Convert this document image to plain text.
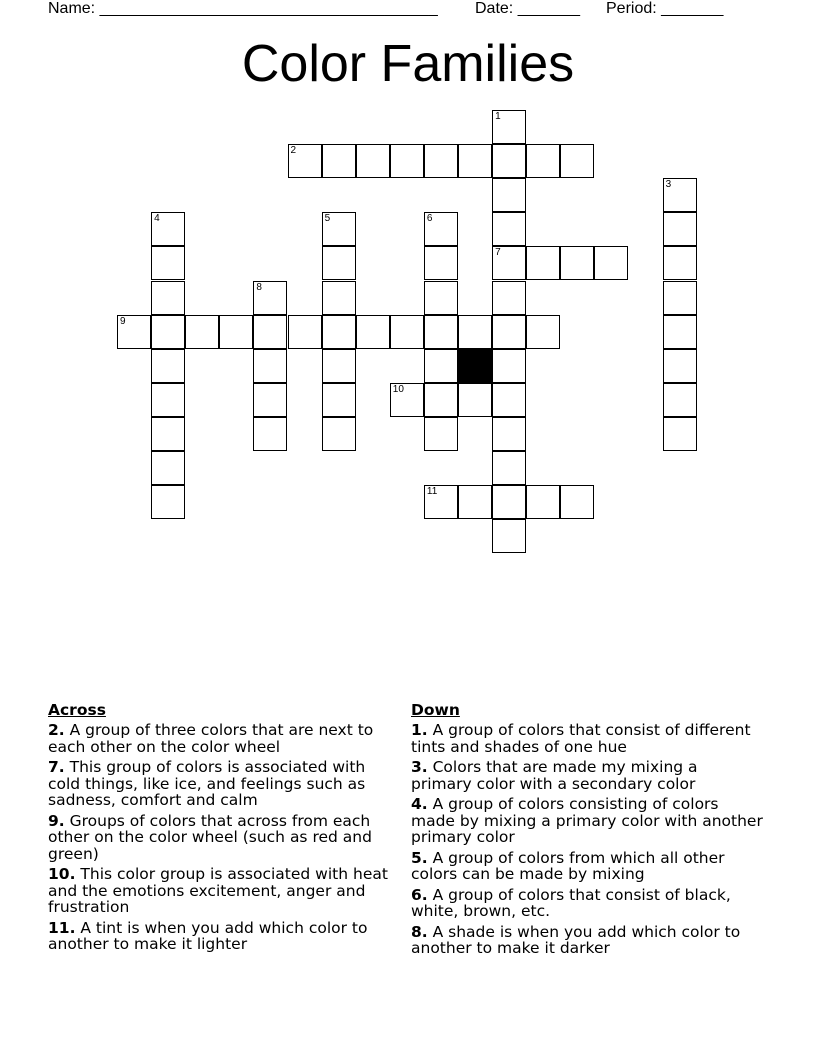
Name: ______________________________________ Date: _______ Period: _______
Color Families
1
7
2
3
4	5	6
8
9
10
11
Across
2. A group of three colors that are next to each other on the color wheel
7. This group of colors is associated with cold things, like ice, and feelings such as sadness, comfort and calm
9. Groups of colors that across from each other on the color wheel (such as red and green)
10. This color group is associated with heat and the emotions excitement, anger and frustration
11. A tint is when you add which color to another to make it lighter
Down
1. A group of colors that consist of different tints and shades of one hue
3. Colors that are made my mixing a primary color with a secondary color
4. A group of colors consisting of colors made by mixing a primary color with another primary color
5. A group of colors from which all other colors can be made by mixing
6. A group of colors that consist of black, white, brown, etc.
8. A shade is when you add which color to another to make it darker
